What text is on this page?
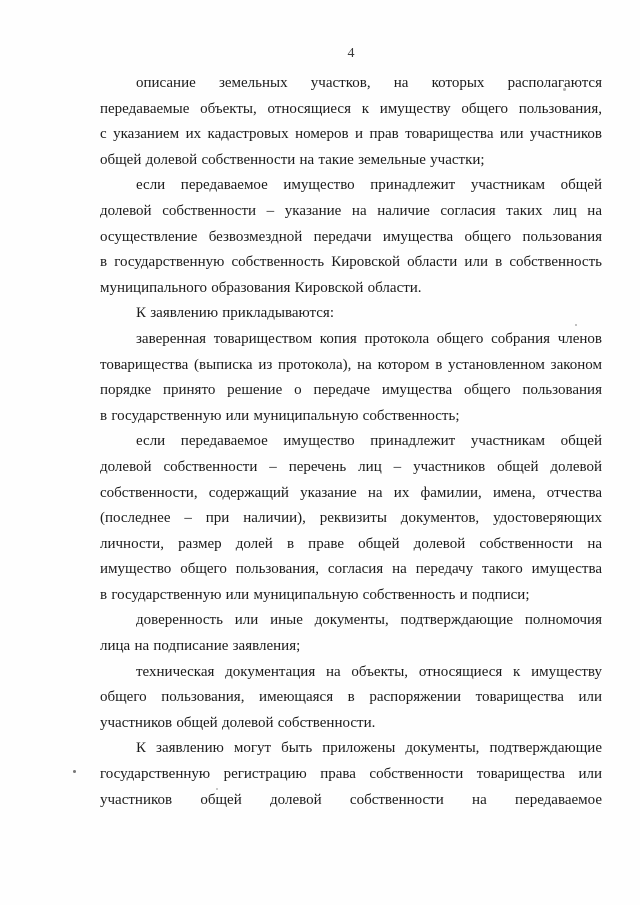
4

описание земельных участков, на которых располагаются
передаваемые объекты, относящиеся к имуществу общего пользования,
с указанием их кадастровых номеров и прав товарищества или участников
общей долевой собственности на такие земельные участки;

если передаваемое имущество принадлежит участникам общей
долевой собственности – указание на наличие согласия таких лиц на
осуществление безвозмездной передачи имущества общего пользования
в государственную собственность Кировской области или в собственность
муниципального образования Кировской области.

К заявлению прикладываются:

заверенная товариществом копия протокола общего собрания членов
товарищества (выписка из протокола), на котором в установленном законом
порядке принято решение о передаче имущества общего пользования
в государственную или муниципальную собственность;

если передаваемое имущество принадлежит участникам общей
долевой собственности – перечень лиц – участников общей долевой
собственности, содержащий указание на их фамилии, имена, отчества
(последнее – при наличии), реквизиты документов, удостоверяющих
личности, размер долей в праве общей долевой собственности на
имущество общего пользования, согласия на передачу такого имущества
в государственную или муниципальную собственность и подписи;

доверенность или иные документы, подтверждающие полномочия
лица на подписание заявления;

техническая документация на объекты, относящиеся к имуществу
общего пользования, имеющаяся в распоряжении товарищества или
участников общей долевой собственности.

К заявлению могут быть приложены документы, подтверждающие
государственную регистрацию права собственности товарищества или
участников общей долевой собственности на передаваемое
